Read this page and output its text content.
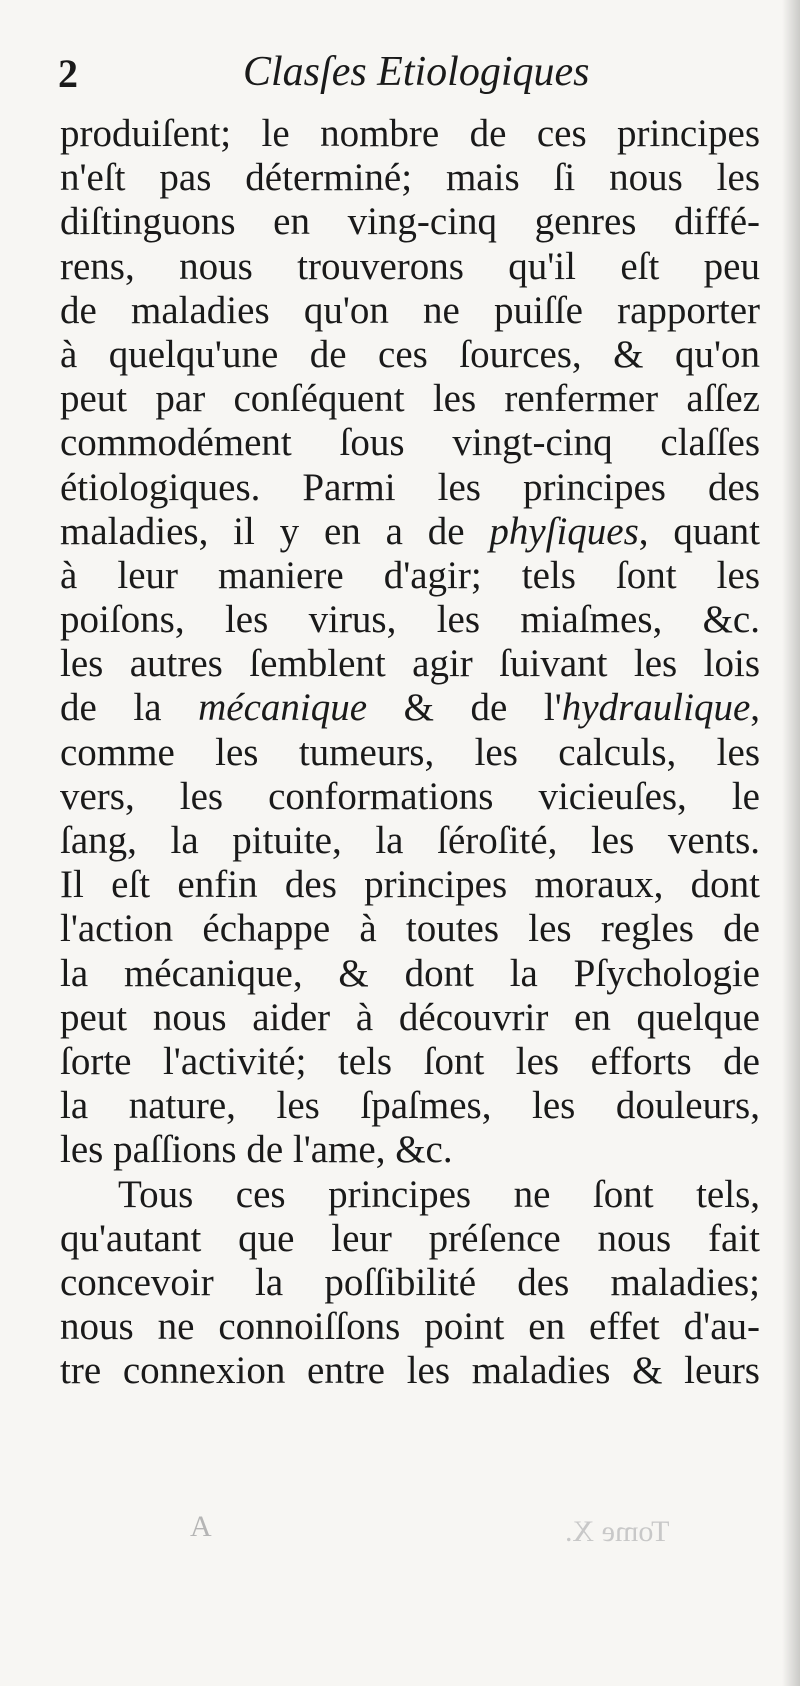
2	Clasſes Etiologiques
produiſent; le nombre de ces principes
n'eſt pas déterminé; mais ſi nous les
diſtinguons en ving-cinq genres diffé-
rens, nous trouverons qu'il eſt peu
de maladies qu'on ne puiſſe rapporter
à quelqu'une de ces ſources, & qu'on
peut par conſéquent les renfermer aſſez
commodément ſous vingt-cinq claſſes
étiologiques. Parmi les principes des
maladies, il y en a de phyſiques, quant
à leur maniere d'agir; tels ſont les
poiſons, les virus, les miaſmes, &c.
les autres ſemblent agir ſuivant les lois
de la mécanique & de l'hydraulique,
comme les tumeurs, les calculs, les
vers, les conformations vicieuſes, le
ſang, la pituite, la ſéroſité, les vents.
Il eſt enfin des principes moraux, dont
l'action échappe à toutes les regles de
la mécanique, & dont la Pſychologie
peut nous aider à découvrir en quelque
ſorte l'activité; tels ſont les efforts de
la nature, les ſpaſmes, les douleurs,
les paſſions de l'ame, &c.
Tous ces principes ne ſont tels,
qu'autant que leur préſence nous fait
concevoir la poſſibilité des maladies;
nous ne connoiſſons point en effet d'au-
tre connexion entre les maladies & leurs
A	Tome X.
